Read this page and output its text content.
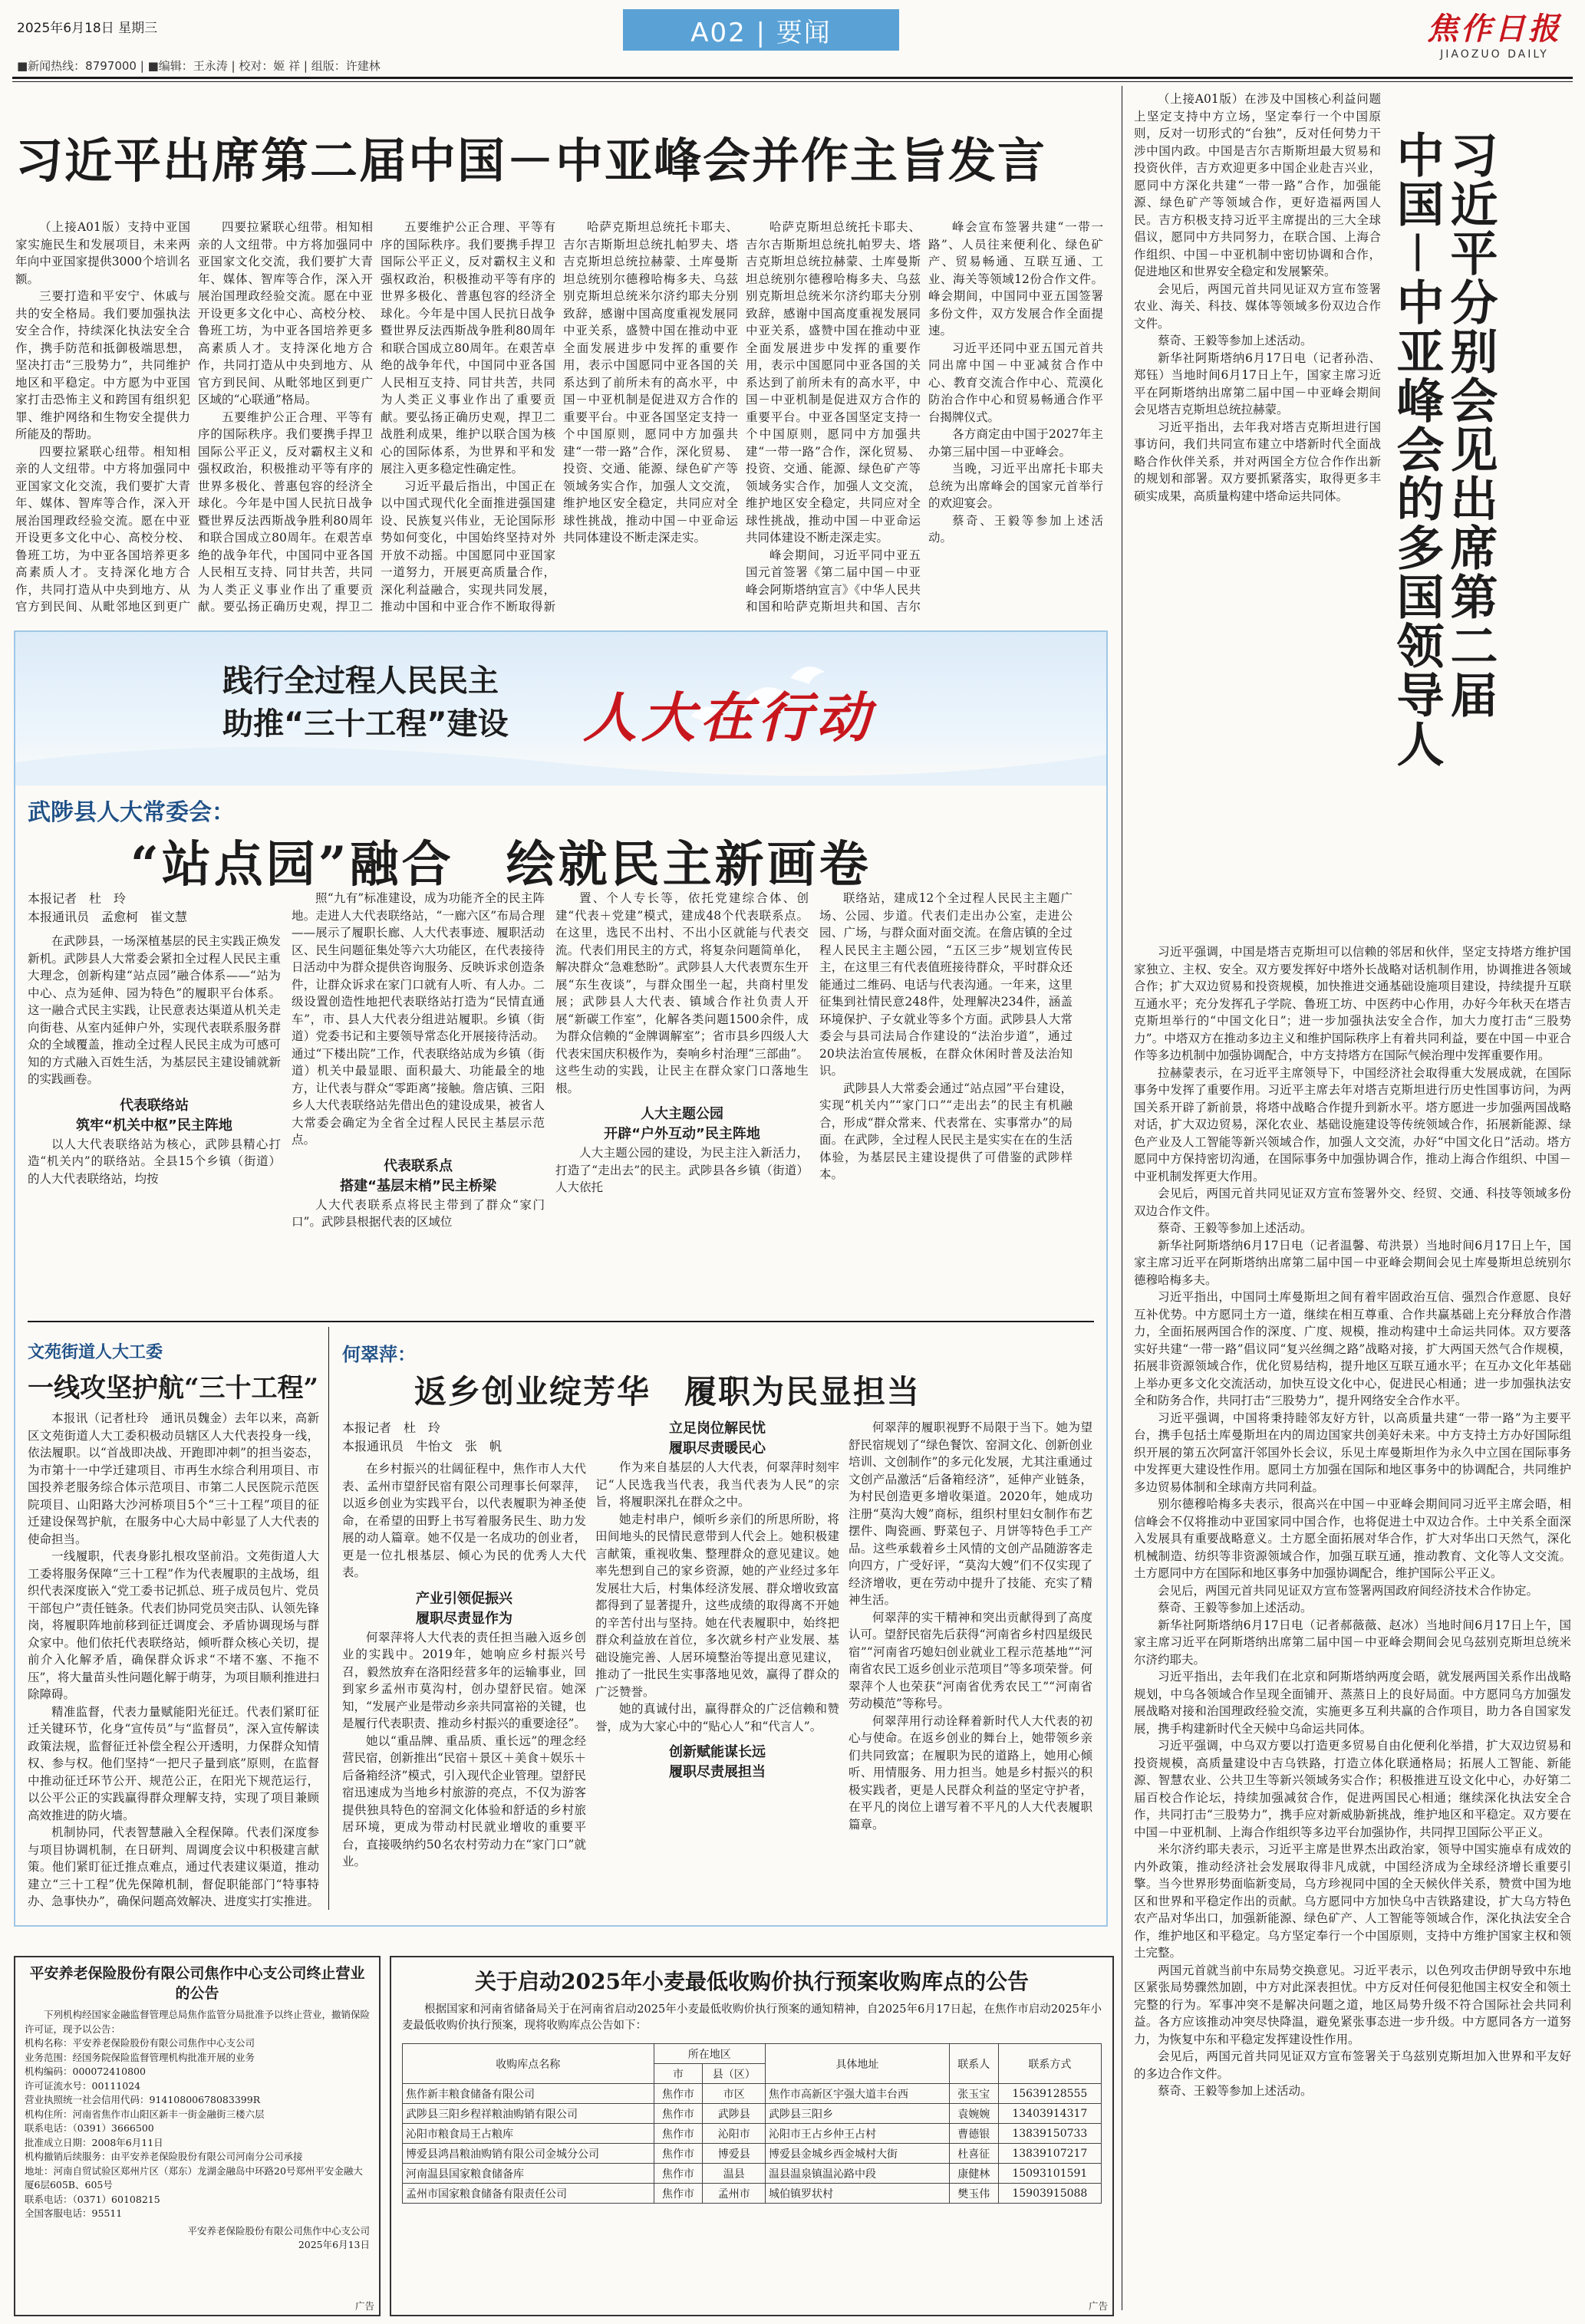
2025年6月18日 星期三	A02 | 要闻	焦作日报
JIAOZUO DAILY
■新闻热线：8797000 | ■编辑：王永涛 | 校对：姬 祥 | 组版：许建林
习近平出席第二届中国－中亚峰会并作主旨发言

（上接A01版）支持中亚国家实施民生和发展项目，未来两年向中亚国家提供3000个培训名额。

三要打造和平安宁、休戚与共的安全格局。我们要加强执法安全合作，持续深化执法安全合作，携手防范和抵御极端思想，坚决打击“三股势力”，共同维护地区和平稳定。中方愿为中亚国家打击恐怖主义和跨国有组织犯罪、维护网络和生物安全提供力所能及的帮助。

四要拉紧联心纽带。相知相亲的人文纽带。中方将加强同中亚国家文化交流，我们要扩大青年、媒体、智库等合作，深入开展治国理政经验交流。愿在中亚开设更多文化中心、高校分校、鲁班工坊，为中亚各国培养更多高素质人才。支持深化地方合作，共同打造从中央到地方、从官方到民间、从毗邻地区到更广

四要拉紧联心纽带。相知相亲的人文纽带。中方将加强同中亚国家文化交流，我们要扩大青年、媒体、智库等合作，深入开展治国理政经验交流。愿在中亚开设更多文化中心、高校分校、鲁班工坊，为中亚各国培养更多高素质人才。支持深化地方合作，共同打造从中央到地方、从官方到民间、从毗邻地区到更广区域的“心联通”格局。

五要维护公正合理、平等有序的国际秩序。我们要携手捍卫国际公平正义，反对霸权主义和强权政治，积极推动平等有序的世界多极化、普惠包容的经济全球化。今年是中国人民抗日战争暨世界反法西斯战争胜利80周年和联合国成立80周年。在艰苦卓绝的战争年代，中国同中亚各国人民相互支持、同甘共苦，共同为人类正义事业作出了重要贡献。要弘扬正确历史观，捍卫二

五要维护公正合理、平等有序的国际秩序。我们要携手捍卫国际公平正义，反对霸权主义和强权政治，积极推动平等有序的世界多极化、普惠包容的经济全球化。今年是中国人民抗日战争暨世界反法西斯战争胜利80周年和联合国成立80周年。在艰苦卓绝的战争年代，中国同中亚各国人民相互支持、同甘共苦，共同为人类正义事业作出了重要贡献。要弘扬正确历史观，捍卫二战胜利成果，维护以联合国为核心的国际体系，为世界和平和发展注入更多稳定性确定性。

习近平最后指出，中国正在以中国式现代化全面推进强国建设、民族复兴伟业，无论国际形势如何变化，中国始终坚持对外开放不动摇。中国愿同中亚国家一道努力，开展更高质量合作，深化利益融合，实现共同发展，推动中国和中亚合作不断取得新

哈萨克斯坦总统托卡耶夫、吉尔吉斯斯坦总统扎帕罗夫、塔吉克斯坦总统拉赫蒙、土库曼斯坦总统别尔德穆哈梅多夫、乌兹别克斯坦总统米尔济约耶夫分别致辞，感谢中国高度重视发展同中亚关系，盛赞中国在推动中亚全面发展进步中发挥的重要作用，表示中国愿同中亚各国的关系达到了前所未有的高水平，中国－中亚机制是促进双方合作的重要平台。中亚各国坚定支持一个中国原则，愿同中方加强共建“一带一路”合作，深化贸易、投资、交通、能源、绿色矿产等领域务实合作，加强人文交流，维护地区安全稳定，共同应对全球性挑战，推动中国－中亚命运共同体建设不断走深走实。

哈萨克斯坦总统托卡耶夫、吉尔吉斯斯坦总统扎帕罗夫、塔吉克斯坦总统拉赫蒙、土库曼斯坦总统别尔德穆哈梅多夫、乌兹别克斯坦总统米尔济约耶夫分别致辞，感谢中国高度重视发展同中亚关系，盛赞中国在推动中亚全面发展进步中发挥的重要作用，表示中国愿同中亚各国的关系达到了前所未有的高水平，中国－中亚机制是促进双方合作的重要平台。中亚各国坚定支持一个中国原则，愿同中方加强共建“一带一路”合作，深化贸易、投资、交通、能源、绿色矿产等领域务实合作，加强人文交流，维护地区安全稳定，共同应对全球性挑战，推动中国－中亚命运共同体建设不断走深走实。

峰会期间，习近平同中亚五国元首签署《第二届中国－中亚峰会阿斯塔纳宣言》《中华人民共和国和哈萨克斯坦共和国、吉尔

峰会宣布签署共建“一带一路”、人员往来便利化、绿色矿产、贸易畅通、互联互通、工业、海关等领域12份合作文件。峰会期间，中国同中亚五国签署多份文件，双方发展合作全面提速。

习近平还同中亚五国元首共同出席中国－中亚减贫合作中心、教育交流合作中心、荒漠化防治合作中心和贸易畅通合作平台揭牌仪式。

各方商定由中国于2027年主办第三届中国－中亚峰会。

当晚，习近平出席托卡耶夫总统为出席峰会的国家元首举行的欢迎宴会。

蔡奇、王毅等参加上述活动。	习近平分别会见出席第二届
中国－中亚峰会的多国领导人

（上接A01版）在涉及中国核心利益问题上坚定支持中方立场，坚定奉行一个中国原则，反对一切形式的“台独”，反对任何势力干涉中国内政。中国是吉尔吉斯斯坦最大贸易和投资伙伴，吉方欢迎更多中国企业赴吉兴业，愿同中方深化共建“一带一路”合作，加强能源、绿色矿产等领域合作，更好造福两国人民。吉方积极支持习近平主席提出的三大全球倡议，愿同中方共同努力，在联合国、上海合作组织、中国－中亚机制中密切协调和合作，促进地区和世界安全稳定和发展繁荣。

会见后，两国元首共同见证双方宣布签署农业、海关、科技、媒体等领域多份双边合作文件。

蔡奇、王毅等参加上述活动。

新华社阿斯塔纳6月17日电（记者孙浩、郑钰）当地时间6月17日上午，国家主席习近平在阿斯塔纳出席第二届中国－中亚峰会期间会见塔吉克斯坦总统拉赫蒙。

习近平指出，去年我对塔吉克斯坦进行国事访问，我们共同宣布建立中塔新时代全面战略合作伙伴关系，并对两国全方位合作作出新的规划和部署。双方要抓紧落实，取得更多丰硕实成果，高质量构建中塔命运共同体。

习近平强调，中国是塔吉克斯坦可以信赖的邻居和伙伴，坚定支持塔方维护国家独立、主权、安全。双方要发挥好中塔外长战略对话机制作用，协调推进各领域合作；扩大双边贸易和投资规模，加快推进交通基础设施项目建设，持续提升互联互通水平；充分发挥孔子学院、鲁班工坊、中医药中心作用，办好今年秋天在塔吉克斯坦举行的“中国文化日”；进一步加强执法安全合作，加大力度打击“三股势力”。中塔双方在推动多边主义和维护国际秩序上有着共同利益，要在中国－中亚合作等多边机制中加强协调配合，中方支持塔方在国际气候治理中发挥重要作用。

拉赫蒙表示，在习近平主席领导下，中国经济社会取得重大发展成就，在国际事务中发挥了重要作用。习近平主席去年对塔吉克斯坦进行历史性国事访问，为两国关系开辟了新前景，将塔中战略合作提升到新水平。塔方愿进一步加强两国战略对话，扩大双边贸易，深化农业、基础设施建设等传统领域合作，拓展新能源、绿色产业及人工智能等新兴领域合作，加强人文交流，办好“中国文化日”活动。塔方愿同中方保持密切沟通，在国际事务中加强协调合作，推动上海合作组织、中国－中亚机制发挥更大作用。

会见后，两国元首共同见证双方宣布签署外交、经贸、交通、科技等领域多份双边合作文件。

蔡奇、王毅等参加上述活动。

新华社阿斯塔纳6月17日电（记者温馨、苟洪景）当地时间6月17日上午，国家主席习近平在阿斯塔纳出席第二届中国－中亚峰会期间会见土库曼斯坦总统别尔德穆哈梅多夫。

习近平指出，中国同土库曼斯坦之间有着牢固政治互信、强烈合作意愿、良好互补优势。中方愿同土方一道，继续在相互尊重、合作共赢基础上充分释放合作潜力，全面拓展两国合作的深度、广度、规模，推动构建中土命运共同体。双方要落实好共建“一带一路”倡议同“复兴丝绸之路”战略对接，扩大两国天然气合作规模，拓展非资源领域合作，优化贸易结构，提升地区互联互通水平；在互办文化年基础上举办更多文化交流活动，加快互设文化中心，促进民心相通；进一步加强执法安全和防务合作，共同打击“三股势力”，提升网络安全合作水平。

习近平强调，中国将秉持睦邻友好方针，以高质量共建“一带一路”为主要平台，携手包括土库曼斯坦在内的周边国家共创美好未来。中方支持土方办好国际组织开展的第五次阿富汗邻国外长会议，乐见土库曼斯坦作为永久中立国在国际事务中发挥更大建设性作用。愿同土方加强在国际和地区事务中的协调配合，共同维护多边贸易体制和全球南方共同利益。

别尔德穆哈梅多夫表示，很高兴在中国－中亚峰会期间同习近平主席会晤，相信峰会不仅将推动中亚国家同中国合作，也将促进土中双边合作。土中关系全面深入发展具有重要战略意义。土方愿全面拓展对华合作，扩大对华出口天然气，深化机械制造、纺织等非资源领域合作，加强互联互通，推动教育、文化等人文交流。土方愿同中方在国际和地区事务中加强协调配合，维护国际公平正义。

会见后，两国元首共同见证双方宣布签署两国政府间经济技术合作协定。

蔡奇、王毅等参加上述活动。

新华社阿斯塔纳6月17日电（记者郝薇薇、赵冰）当地时间6月17日上午，国家主席习近平在阿斯塔纳出席第二届中国－中亚峰会期间会见乌兹别克斯坦总统米尔济约耶夫。

习近平指出，去年我们在北京和阿斯塔纳两度会晤，就发展两国关系作出战略规划，中乌各领域合作呈现全面铺开、蒸蒸日上的良好局面。中方愿同乌方加强发展战略对接和治国理政经验交流，实施更多互利共赢的合作项目，助力各自国家发展，携手构建新时代全天候中乌命运共同体。

习近平强调，中乌双方要以打造更多贸易自由化便利化举措，扩大双边贸易和投资规模，高质量建设中吉乌铁路，打造立体化联通格局；拓展人工智能、新能源、智慧农业、公共卫生等新兴领域务实合作；积极推进互设文化中心，办好第二届百校合作论坛，持续加强减贫合作，促进两国民心相通；继续深化执法安全合作，共同打击“三股势力”，携手应对新威胁新挑战，维护地区和平稳定。双方要在中国－中亚机制、上海合作组织等多边平台加强协作，共同捍卫国际公平正义。

米尔济约耶夫表示，习近平主席是世界杰出政治家，领导中国实施卓有成效的内外政策，推动经济社会发展取得非凡成就，中国经济成为全球经济增长重要引擎。当今世界形势面临新变局，乌方珍视同中国的全天候伙伴关系，赞赏中国为地区和世界和平稳定作出的贡献。乌方愿同中方加快乌中吉铁路建设，扩大乌方特色农产品对华出口，加强新能源、绿色矿产、人工智能等领域合作，深化执法安全合作，维护地区和平稳定。乌方坚定奉行一个中国原则，支持中方维护国家主权和领土完整。

两国元首就当前中东局势交换意见。习近平表示，以色列攻击伊朗导致中东地区紧张局势骤然加剧，中方对此深表担忧。中方反对任何侵犯他国主权安全和领土完整的行为。军事冲突不是解决问题之道，地区局势升级不符合国际社会共同利益。各方应该推动冲突尽快降温，避免紧张事态进一步升级。中方愿同各方一道努力，为恢复中东和平稳定发挥建设性作用。

会见后，两国元首共同见证双方宣布签署关于乌兹别克斯坦加入世界和平友好的多边合作文件。

蔡奇、王毅等参加上述活动。

践行全过程人民民主
助推“三十工程”建设 人大在行动
武陟县人大常委会：
“站点园”融合　绘就民主新画卷
本报记者　杜　玲
本报通讯员　孟愈柯　崔文慧

在武陟县，一场深植基层的民主实践正焕发新机。武陟县人大常委会紧扣全过程人民民主重大理念，创新构建“站点园”融合体系——“站为中心、点为延伸、园为特色”的履职平台体系。这一融合式民主实践，让民意表达渠道从机关走向街巷、从室内延伸户外，实现代表联系服务群众的全域覆盖，推动全过程人民民主成为可感可知的方式融入百姓生活，为基层民主建设铺就新的实践画卷。

代表联络站
筑牢“机关中枢”民主阵地

以人大代表联络站为核心，武陟县精心打造“机关内”的联络站。全县15个乡镇（街道）的人大代表联络站，均按

照“九有”标准建设，成为功能齐全的民主阵地。走进人大代表联络站，“一廊六区”布局合理——展示了履职长廊、人大代表事迹、履职活动区、民生问题征集处等六大功能区，在代表接待日活动中为群众提供咨询服务、反映诉求创造条件，让群众诉求在家门口就有人听、有人办。二级设置创造性地把代表联络站打造为“民情直通车”，市、县人大代表分组进站履职。乡镇（街道）党委书记和主要领导常态化开展接待活动。通过“下楼出院”工作，代表联络站成为乡镇（街道）机关中最显眼、面积最大、功能最全的地方，让代表与群众“零距离”接触。詹店镇、三阳乡人大代表联络站先借出色的建设成果，被省人大常委会确定为全省全过程人民民主基层示范点。

代表联系点
搭建“基层末梢”民主桥梁

人大代表联系点将民主带到了群众“家门口”。武陟县根据代表的区域位

置、个人专长等，依托党建综合体、创建“代表＋党建”模式，建成48个代表联系点。在这里，选民不出村、不出小区就能与代表交流。代表们用民主的方式，将复杂问题简单化，解决群众“急难愁盼”。武陟县人大代表贾东生开展“东生夜谈”，与群众围坐一起，共商村里发展；武陟县人大代表、镇域合作社负责人开展“新碳工作室”，化解各类问题1500余件，成为群众信赖的“金牌调解室”；省市县乡四级人大代表宋国庆积极作为，奏响乡村治理“三部曲”。这些生动的实践，让民主在群众家门口落地生根。

人大主题公园
开辟“户外互动”民主阵地

人大主题公园的建设，为民主注入新活力，打造了“走出去”的民主。武陟县各乡镇（街道）人大依托

联络站，建成12个全过程人民民主主题广场、公园、步道。代表们走出办公室，走进公园、广场，与群众面对面交流。在詹店镇的全过程人民民主主题公园，“五区三步”规划宣传民主，在这里三有代表值班接待群众，平时群众还能通过二维码、电话与代表沟通。一年来，这里征集到社情民意248件，处理解决234件，涵盖环境保护、子女就业等多个方面。武陟县人大常委会与县司法局合作建设的“法治步道”，通过20块法治宣传展板，在群众休闲时普及法治知识。

武陟县人大常委会通过“站点园”平台建设，实现“机关内”“家门口”“走出去”的民主有机融合，形成“群众常来、代表常在、实事常办”的局面。在武陟，全过程人民民主是实实在在的生活体验，为基层民主建设提供了可借鉴的武陟样本。

文苑街道人大工委
一线攻坚护航“三十工程”

本报讯（记者杜玲　通讯员魏金）去年以来，高新区文苑街道人大工委积极动员辖区人大代表投身一线，依法履职。以“首战即决战、开跑即冲刺”的担当姿态，为市第十一中学迁建项目、市再生水综合利用项目、市国投养老服务综合体示范项目、市第二人民医院示范医院项目、山阳路大沙河桥项目5个“三十工程”项目的征迁建设保驾护航，在服务中心大局中彰显了人大代表的使命担当。

一线履职，代表身影扎根攻坚前沿。文苑街道人大工委将服务保障“三十工程”作为代表履职的主战场，组织代表深度嵌入“党工委书记抓总、班子成员包片、党员干部包户”责任链条。代表们协同党员突击队、认领先锋岗，将履职阵地前移到征迁调度会、矛盾协调现场与群众家中。他们依托代表联络站，倾听群众核心关切，提前介入化解矛盾，确保群众诉求“不堵不塞、不拖不压”，将大量苗头性问题化解于萌芽，为项目顺利推进扫除障碍。

精准监督，代表力量赋能阳光征迁。代表们紧盯征迁关键环节，化身“宣传员”与“监督员”，深入宣传解读政策法规，监督征迁补偿全程公开透明，力保群众知情权、参与权。他们坚持“一把尺子量到底”原则，在监督中推动征迁环节公开、规范公正，在阳光下规范运行，以公平公正的实践赢得群众理解支持，实现了项目兼顾高效推进的防火墙。

机制协同，代表智慧融入全程保障。代表们深度参与项目协调机制，在日研判、周调度会议中积极建言献策。他们紧盯征迁推点难点，通过代表建议渠道，推动建立“三十工程”优先保障机制，督促职能部门“特事特办、急事快办”，确保问题高效解决、进度实打实推进。

何翠萍：
返乡创业绽芳华　履职为民显担当
本报记者　杜　玲
本报通讯员　牛怡文　张　帆

在乡村振兴的壮阔征程中，焦作市人大代表、孟州市望舒民宿有限公司理事长何翠萍，以返乡创业为实践平台，以代表履职为神圣使命，在希望的田野上书写着服务民生、助力发展的动人篇章。她不仅是一名成功的创业者，更是一位扎根基层、倾心为民的优秀人大代表。

产业引领促振兴
履职尽责显作为

何翠萍将人大代表的责任担当融入返乡创业的实践中。2019年，她响应乡村振兴号召，毅然放弃在洛阳经营多年的运输事业，回到家乡孟州市莫沟村，创办望舒民宿。她深知，“发展产业是带动乡亲共同富裕的关键，也是履行代表职责、推动乡村振兴的重要途径”。

她以“重品牌、重品质、重长远”的理念经营民宿，创新推出“民宿＋景区＋美食＋娱乐＋后备箱经济”模式，引入现代企业管理。望舒民宿迅速成为当地乡村旅游的亮点，不仅为游客提供独具特色的窑洞文化体验和舒适的乡村旅居环境，更成为带动村民就业增收的重要平台，直接吸纳约50名农村劳动力在“家门口”就业。

立足岗位解民忧
履职尽责暖民心

作为来自基层的人大代表，何翠萍时刻牢记“人民选我当代表，我当代表为人民”的宗旨，将履职深扎在群众之中。

她走村串户，倾听乡亲们的所思所盼，将田间地头的民情民意带到人代会上。她积极建言献策，重视收集、整理群众的意见建议。她率先想到自己的家乡资源，她的产业经过多年发展壮大后，村集体经济发展、群众增收致富都得到了显著提升，这些成绩的取得离不开她的辛苦付出与坚持。她在代表履职中，始终把群众利益放在首位，多次就乡村产业发展、基础设施完善、人居环境整治等提出意见建议，推动了一批民生实事落地见效，赢得了群众的广泛赞誉。

她的真诚付出，赢得群众的广泛信赖和赞誉，成为大家心中的“贴心人”和“代言人”。

创新赋能谋长远
履职尽责展担当

何翠萍的履职视野不局限于当下。她为望舒民宿规划了“绿色餐饮、窑洞文化、创新创业培训、文创制作”的多元化发展，尤其注重通过文创产品激活“后备箱经济”，延伸产业链条，为村民创造更多增收渠道。2020年，她成功注册“莫沟大嫂”商标，组织村里妇女制作布艺摆件、陶瓷画、野菜包子、月饼等特色手工产品。这些承载着乡土风情的文创产品随游客走向四方，广受好评，“莫沟大嫂”们不仅实现了经济增收，更在劳动中提升了技能、充实了精神生活。

何翠萍的实干精神和突出贡献得到了高度认可。望舒民宿先后获得“河南省乡村四星级民宿”“河南省巧媳妇创业就业工程示范基地”“河南省农民工返乡创业示范项目”等多项荣誉。何翠萍个人也荣获“河南省优秀农民工”“河南省劳动模范”等称号。

何翠萍用行动诠释着新时代人大代表的初心与使命。在返乡创业的舞台上，她带领乡亲们共同致富；在履职为民的道路上，她用心倾听、用情服务、用力担当。她是乡村振兴的积极实践者，更是人民群众利益的坚定守护者，在平凡的岗位上谱写着不平凡的人大代表履职篇章。

平安养老保险股份有限公司焦作中心支公司终止营业的公告
下列机构经国家金融监督管理总局焦作监管分局批准予以终止营业，撤销保险许可证，现予以公告：
机构名称：平安养老保险股份有限公司焦作中心支公司
业务范围：经国务院保险监督管理机构批准开展的业务
机构编码：000072410800
许可证流水号：00111024
营业执照统一社会信用代码：91410800678083399R
机构住所：河南省焦作市山阳区新丰一街金融街三楼六层
联系电话：（0391）3666500
批准成立日期：2008年6月11日
机构撤销后续服务：由平安养老保险股份有限公司河南分公司承接
地址：河南自贸试验区郑州片区（郑东）龙湖金融岛中环路20号郑州平安金融大厦6层605B、605号
联系电话：（0371）60108215
全国客服电话：95511
平安养老保险股份有限公司焦作中心支公司
2025年6月13日
广告
关于启动2025年小麦最低收购价执行预案收购库点的公告
根据国家和河南省储备局关于在河南省启动2025年小麦最低收购价执行预案的通知精神，自2025年6月17日起，在焦作市启动2025年小麦最低收购价执行预案，现将收购库点公告如下：
收购库点名称	所在地区		具体地址	联系人	联系方式
	市	县（区）			
焦作新丰粮食储备有限公司	焦作市	市区	焦作市高新区宇强大道丰台西	张玉宝	15639128555
武陟县三阳乡程祥粮油购销有限公司	焦作市	武陟县	武陟县三阳乡	袁婉婉	13403914317
沁阳市粮食局王占粮库	焦作市	沁阳市	沁阳市王占乡仲王占村	曹德银	13839150733
博爱县鸿昌粮油购销有限公司金城分公司	焦作市	博爱县	博爱县金城乡西金城村大街	杜喜征	13839107217
河南温县国家粮食储备库	焦作市	温县	温县温泉镇温沁路中段	康健林	15093101591
孟州市国家粮食储备有限责任公司	焦作市	孟州市	城伯镇罗状村	樊玉伟	15903915088
广告
